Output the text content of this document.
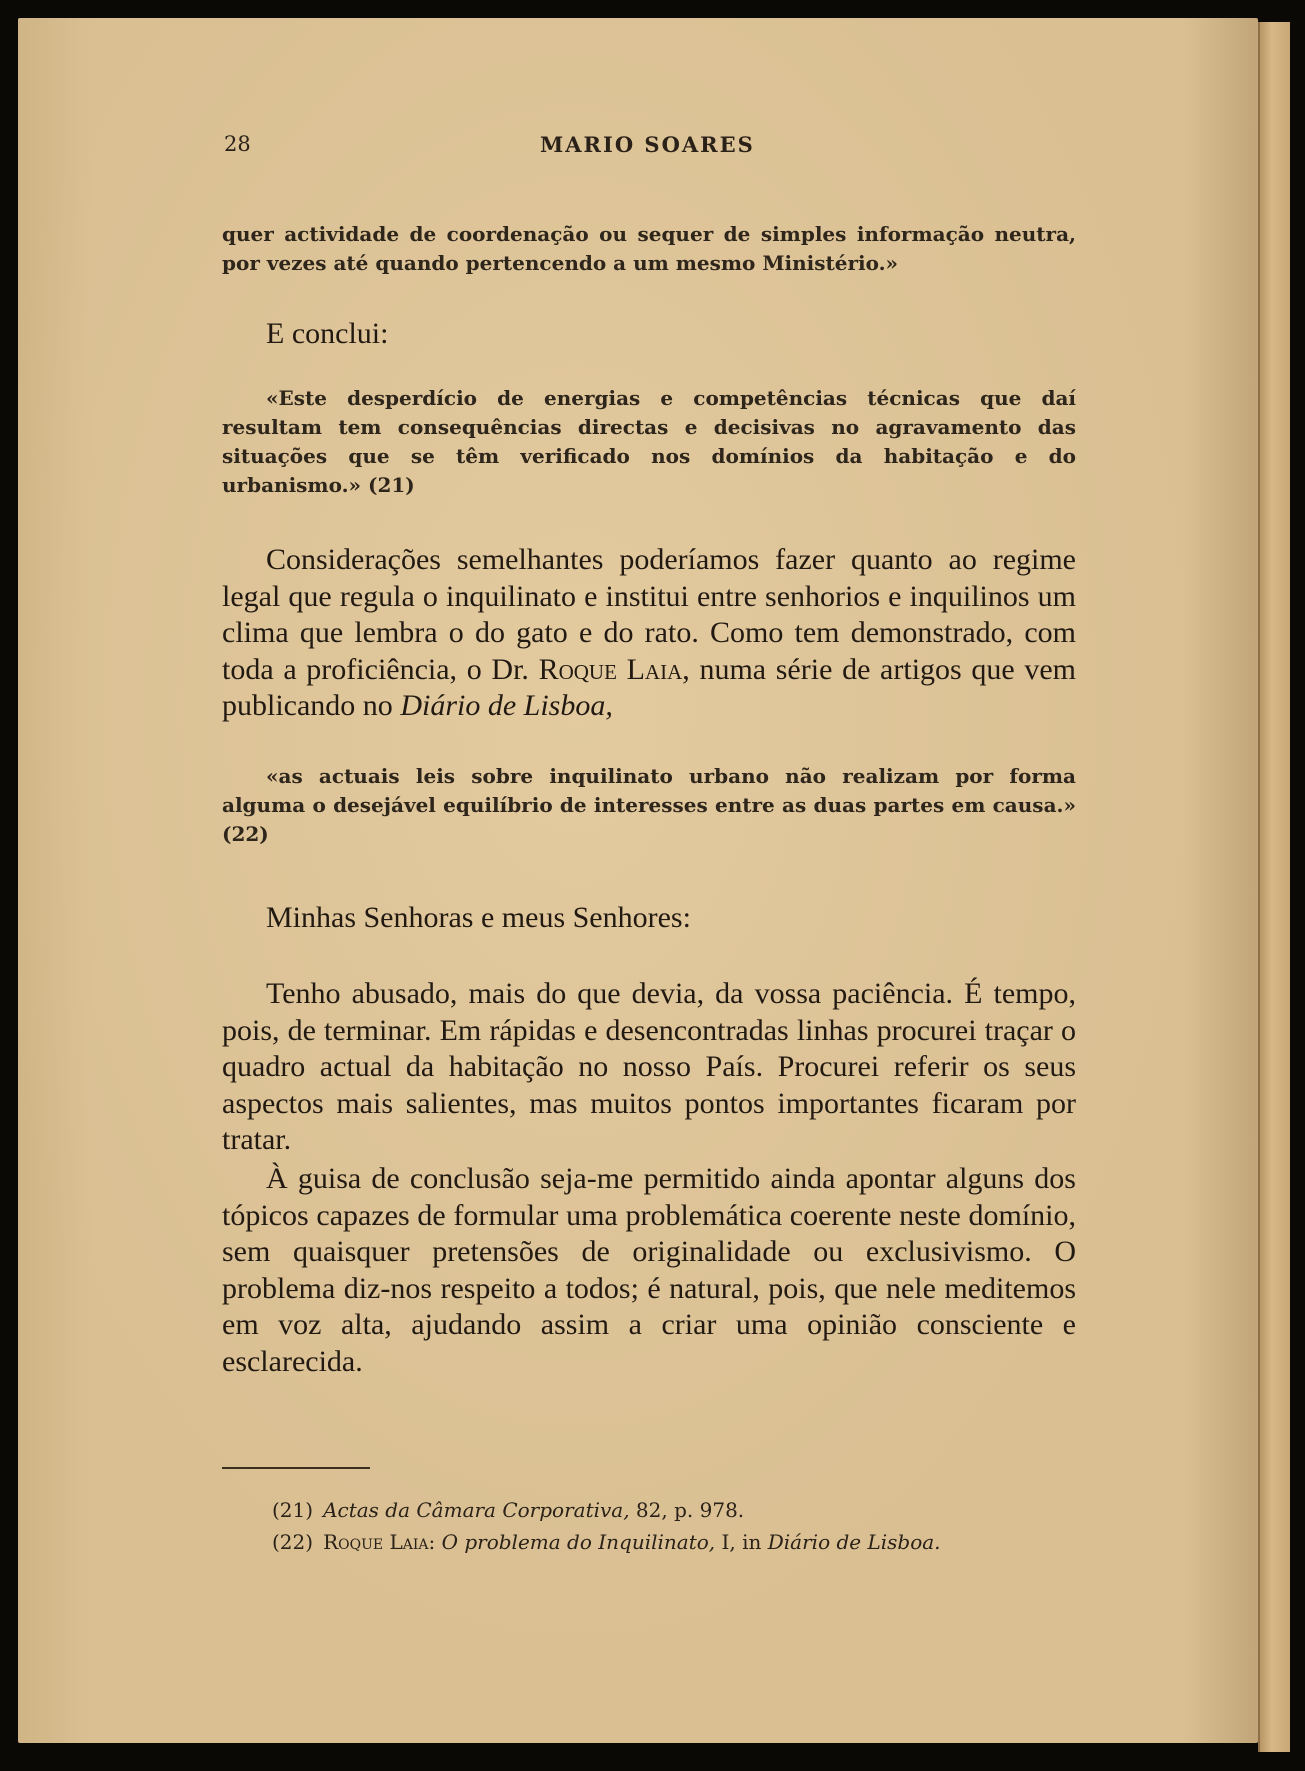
28	MARIO SOARES

quer actividade de coordenação ou sequer de simples informação neutra, por vezes até quando pertencendo a um mesmo Ministério.»

E conclui:

«Este desperdício de energias e competências técnicas que daí resultam tem consequências directas e decisivas no agravamento das situações que se têm verificado nos domínios da habitação e do urbanismo.» (21)

Considerações semelhantes poderíamos fazer quanto ao regime legal que regula o inquilinato e institui entre senhorios e inquilinos um clima que lembra o do gato e do rato. Como tem demonstrado, com toda a proficiência, o Dr. Roque Laia, numa série de artigos que vem publicando no Diário de Lisboa,

«as actuais leis sobre inquilinato urbano não realizam por forma alguma o desejável equilíbrio de interesses entre as duas partes em causa.» (22)

Minhas Senhoras e meus Senhores:

Tenho abusado, mais do que devia, da vossa paciência. É tempo, pois, de terminar. Em rápidas e desencontradas linhas procurei traçar o quadro actual da habitação no nosso País. Procurei referir os seus aspectos mais salientes, mas muitos pontos importantes ficaram por tratar.

À guisa de conclusão seja-me permitido ainda apontar alguns dos tópicos capazes de formular uma problemática coerente neste domínio, sem quaisquer pretensões de originalidade ou exclusivismo. O problema diz-nos respeito a todos; é natural, pois, que nele meditemos em voz alta, ajudando assim a criar uma opinião consciente e esclarecida.

(21) Actas da Câmara Corporativa, 82, p. 978.
(22) Roque Laia: O problema do Inquilinato, I, in Diário de Lisboa.
